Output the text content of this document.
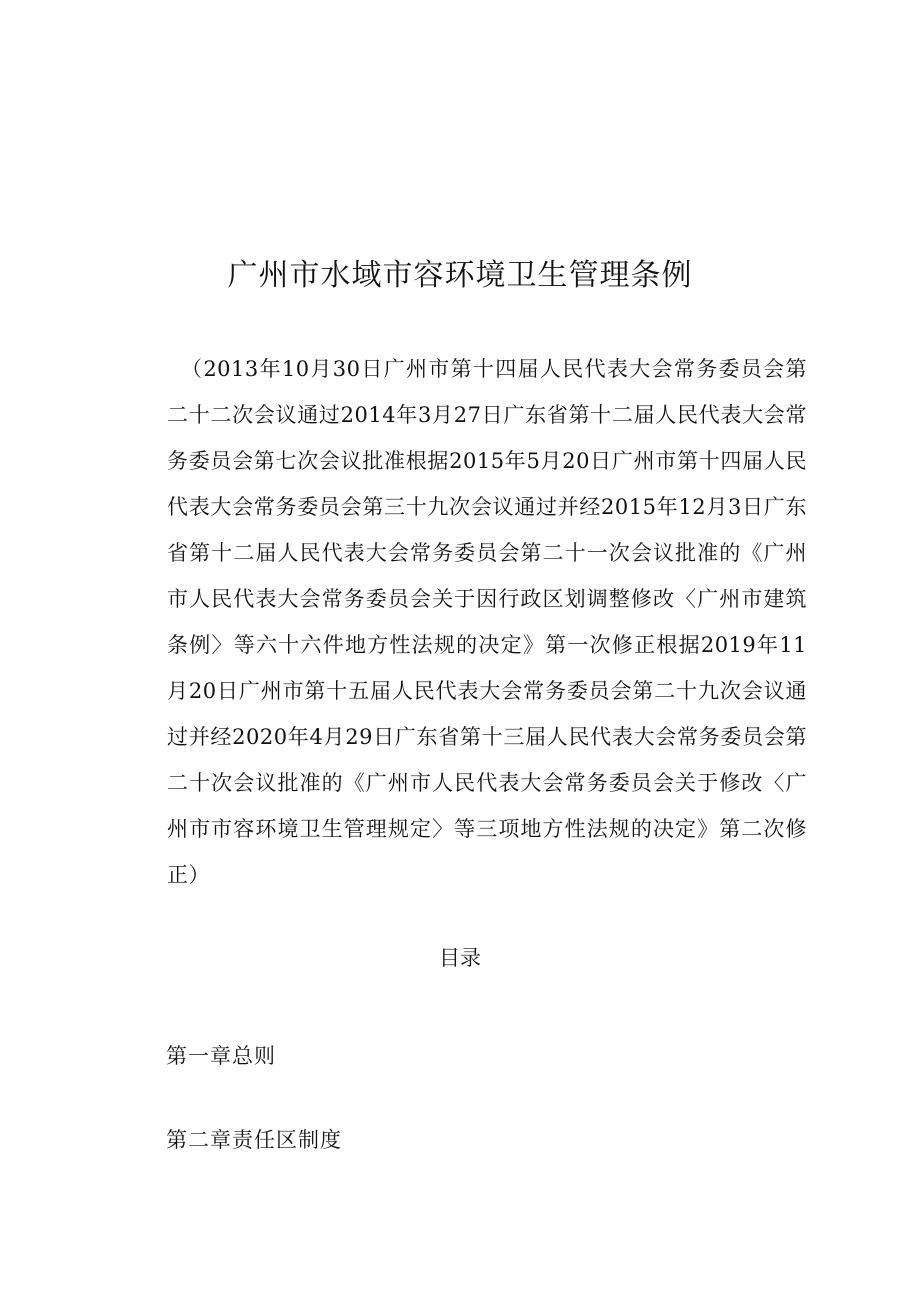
广州市水域市容环境卫生管理条例

（2013年10月30日广州市第十四届人民代表大会常务委员会第二十二次会议通过2014年3月27日广东省第十二届人民代表大会常务委员会第七次会议批准根据2015年5月20日广州市第十四届人民代表大会常务委员会第三十九次会议通过并经2015年12月3日广东省第十二届人民代表大会常务委员会第二十一次会议批准的《广州市人民代表大会常务委员会关于因行政区划调整修改〈广州市建筑条例〉等六十六件地方性法规的决定》第一次修正根据2019年11月20日广州市第十五届人民代表大会常务委员会第二十九次会议通过并经2020年4月29日广东省第十三届人民代表大会常务委员会第二十次会议批准的《广州市人民代表大会常务委员会关于修改〈广州市市容环境卫生管理规定〉等三项地方性法规的决定》第二次修正）

目录
第一章总则
第二章责任区制度
